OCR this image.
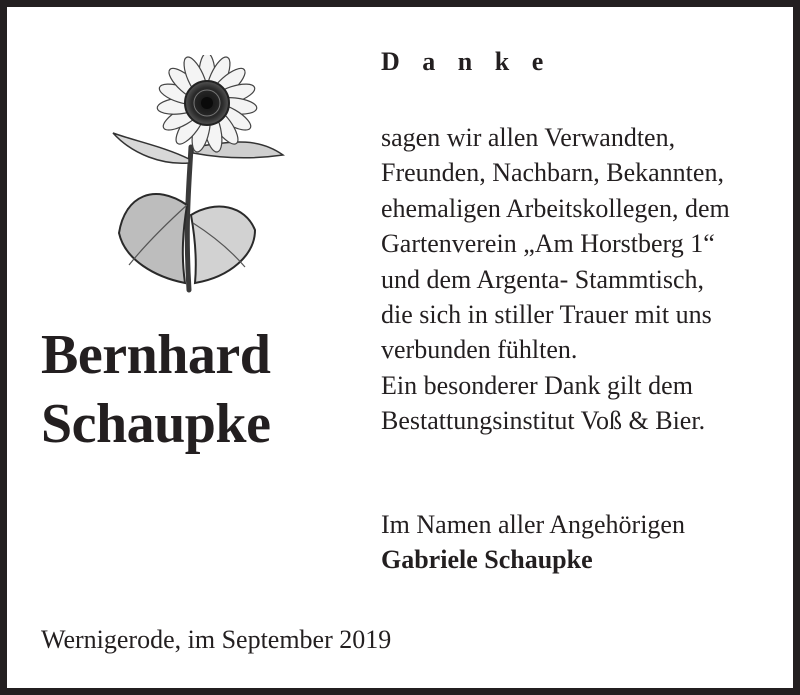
Bernhard
Schaupke
D a n k e
sagen wir allen Verwandten,
Freunden, Nachbarn, Bekannten,
ehemaligen Arbeitskollegen, dem
Gartenverein „Am Horstberg 1“
und dem Argenta- Stammtisch,
die sich in stiller Trauer mit uns
verbunden fühlten.
Ein besonderer Dank gilt dem
Bestattungsinstitut Voß & Bier.
Im Namen aller Angehörigen
Gabriele Schaupke
Wernigerode, im September 2019
